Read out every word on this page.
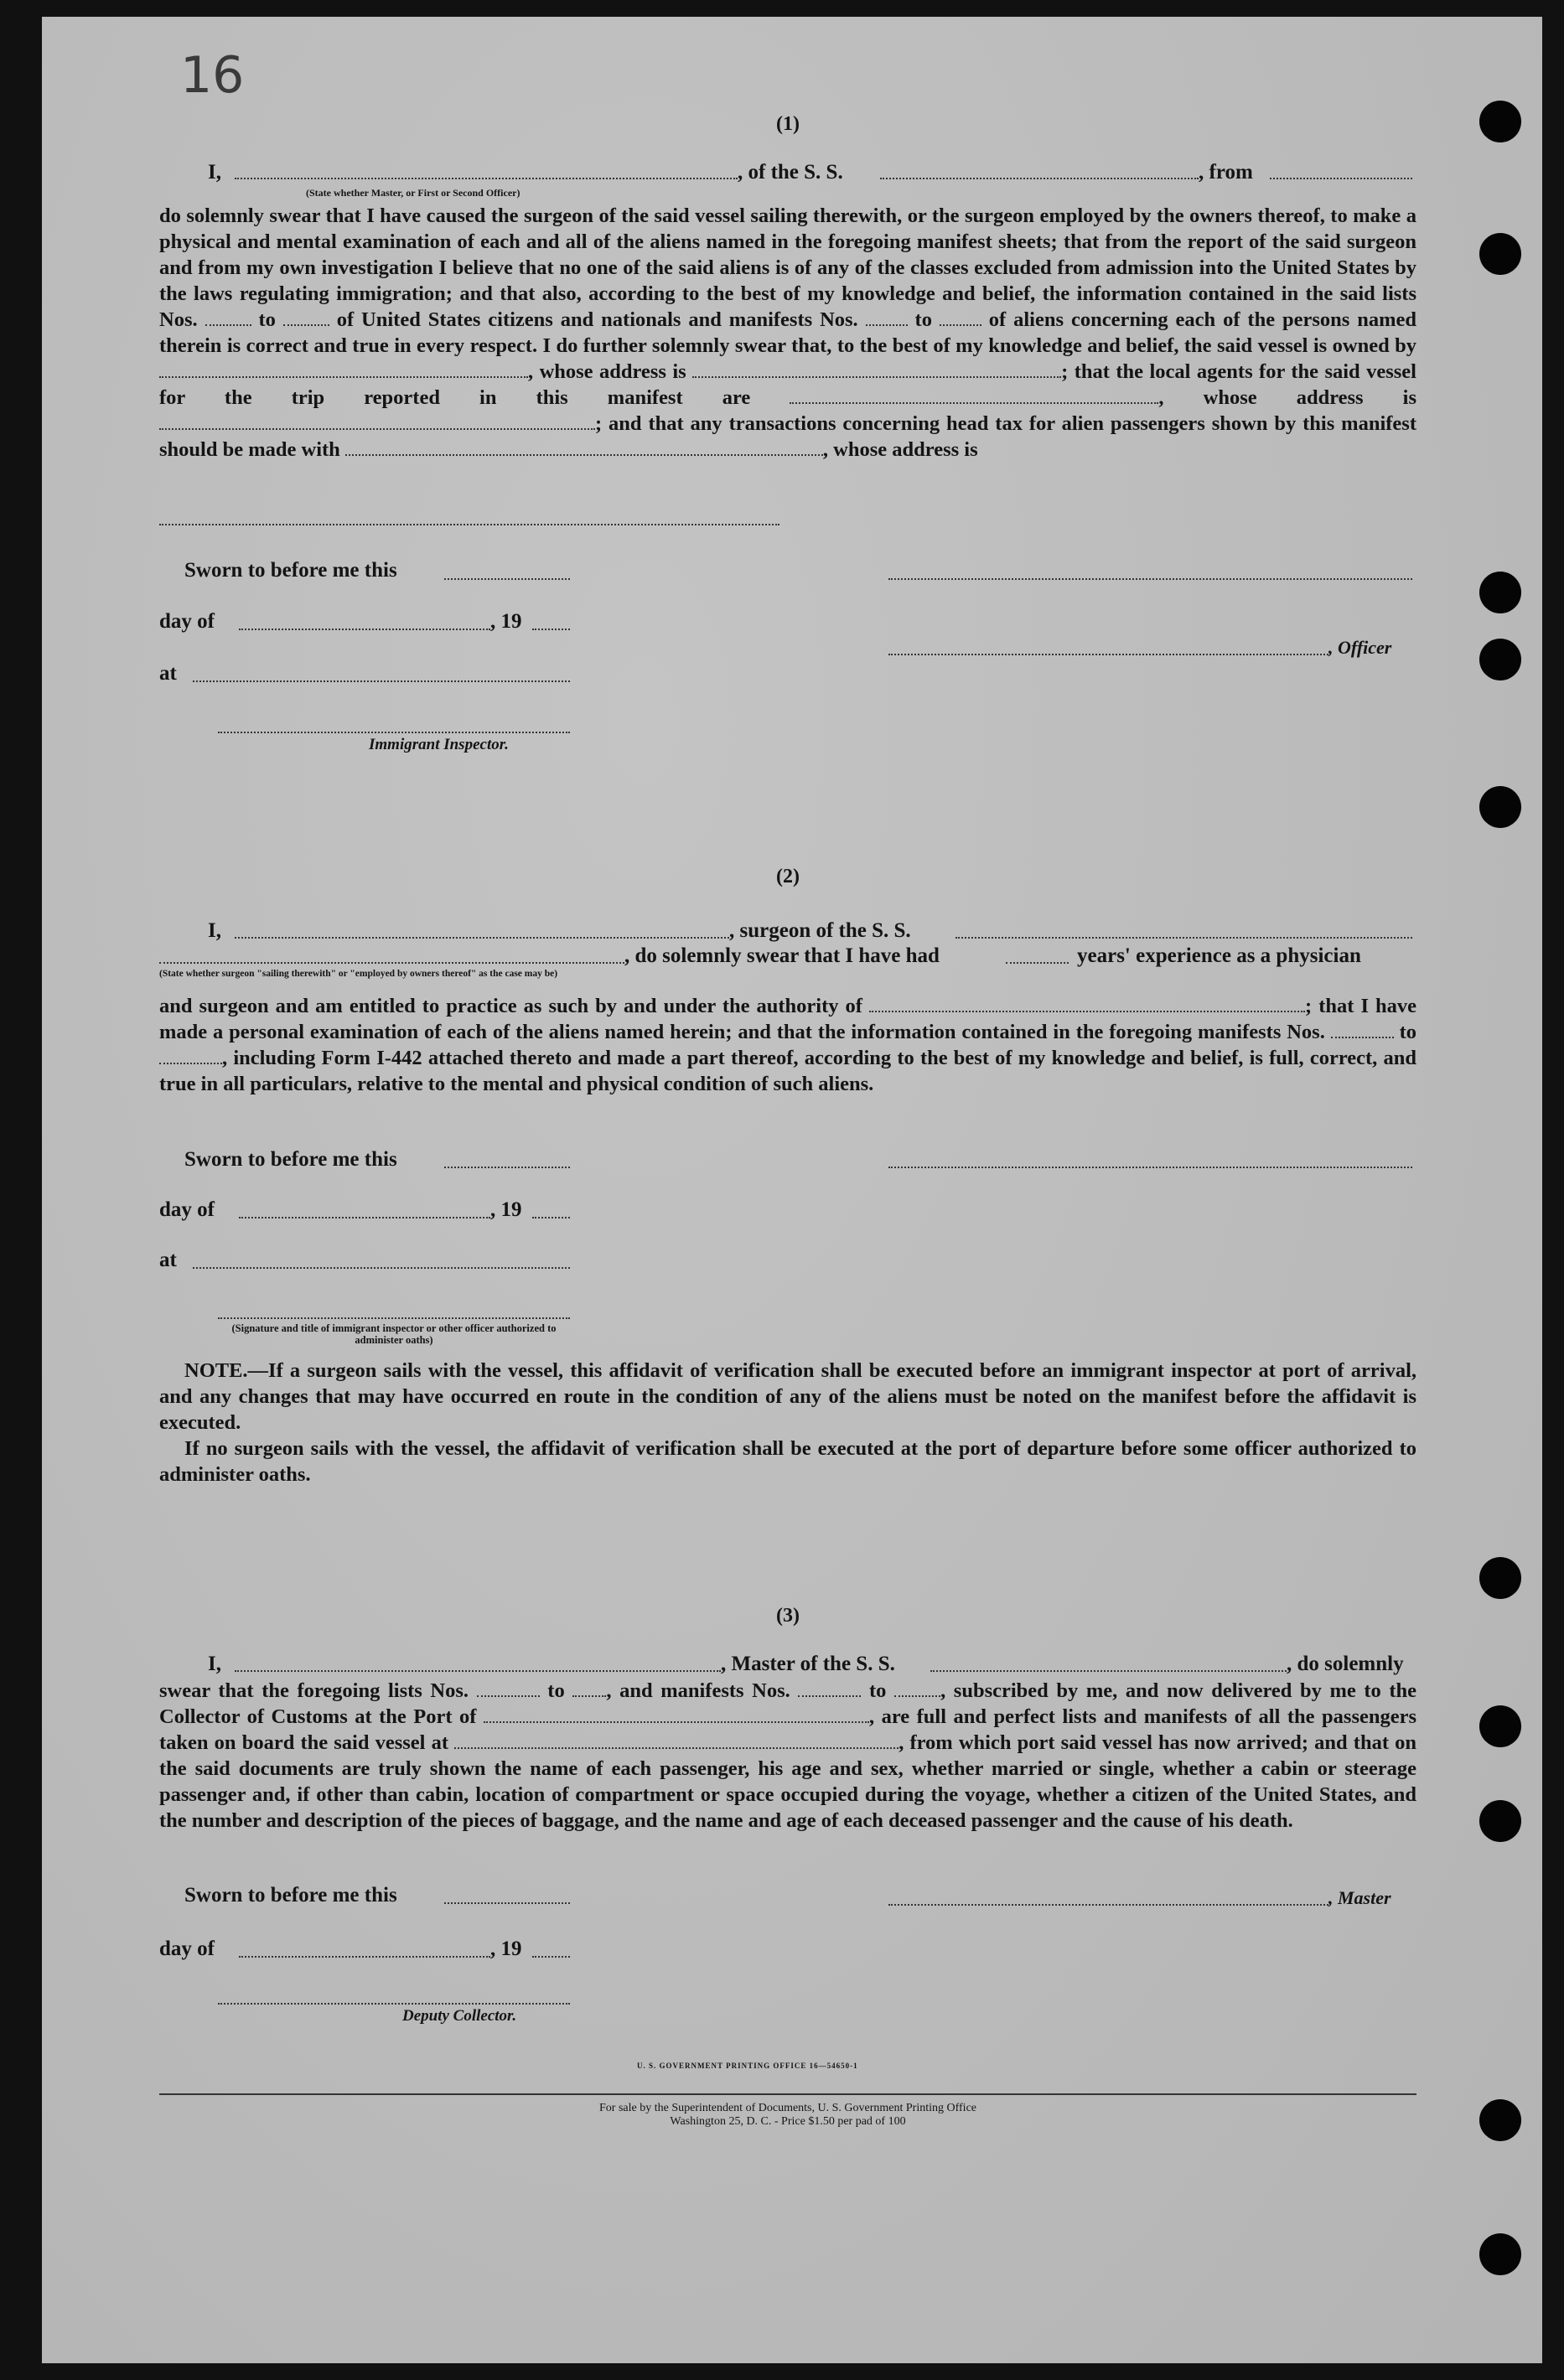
16
(1)
I,	, of the S. S.	, from
(State whether Master, or First or Second Officer)
do solemnly swear that I have caused the surgeon of the said vessel sailing therewith, or the surgeon employed by the owners thereof, to make a physical and mental examination of each and all of the aliens named in the foregoing manifest sheets; that from the report of the said surgeon and from my own investigation I believe that no one of the said aliens is of any of the classes excluded from admission into the United States by the laws regulating immigration; and that also, according to the best of my knowledge and belief, the information contained in the said lists Nos.	to	of United States citizens and nationals and manifests Nos.	to	of aliens concerning each of the persons named therein is correct and true in every respect. I do further solemnly swear that, to the best of my knowledge and belief, the said vessel is owned by , whose address is	; that the local agents for the said vessel for the trip reported in this manifest are	, whose address is ; and that any transactions concerning head tax for alien passengers shown by this manifest should be made with	, whose address is
Sworn to before me this
day of	, 19
, Officer
at
Immigrant Inspector.
(2)
I,	, surgeon of the S. S.
, do solemnly swear that I have had	years' experience as a physician
(State whether surgeon "sailing therewith" or "employed by owners thereof" as the case may be)
and surgeon and am entitled to practice as such by and under the authority of	; that I have made a personal examination of each of the aliens named herein; and that the information contained in the foregoing manifests Nos.	to , including Form I-442 attached thereto and made a part thereof, according to the best of my knowledge and belief, is full, correct, and true in all particulars, relative to the mental and physical condition of such aliens.
Sworn to before me this
day of	, 19
at
(Signature and title of immigrant inspector or other officer authorized to administer oaths)
NOTE.—If a surgeon sails with the vessel, this affidavit of verification shall be executed before an immigrant inspector at port of arrival, and any changes that may have occurred en route in the condition of any of the aliens must be noted on the manifest before the affidavit is executed.
If no surgeon sails with the vessel, the affidavit of verification shall be executed at the port of departure before some officer authorized to administer oaths.
(3)
I,	, Master of the S. S.	, do solemnly
swear that the foregoing lists Nos.	to , and manifests Nos.	to	, subscribed by me, and now delivered by me to the Collector of Customs at the Port of	, are full and perfect lists and manifests of all the passengers taken on board the said vessel at	, from which port said vessel has now arrived; and that on the said documents are truly shown the name of each passenger, his age and sex, whether married or single, whether a cabin or steerage passenger and, if other than cabin, location of compartment or space occupied during the voyage, whether a citizen of the United States, and the number and description of the pieces of baggage, and the name and age of each deceased passenger and the cause of his death.
Sworn to before me this	, Master
day of	, 19
Deputy Collector.
U. S. GOVERNMENT PRINTING OFFICE 16—54650-1
For sale by the Superintendent of Documents, U. S. Government Printing Office
Washington 25, D. C. - Price $1.50 per pad of 100
